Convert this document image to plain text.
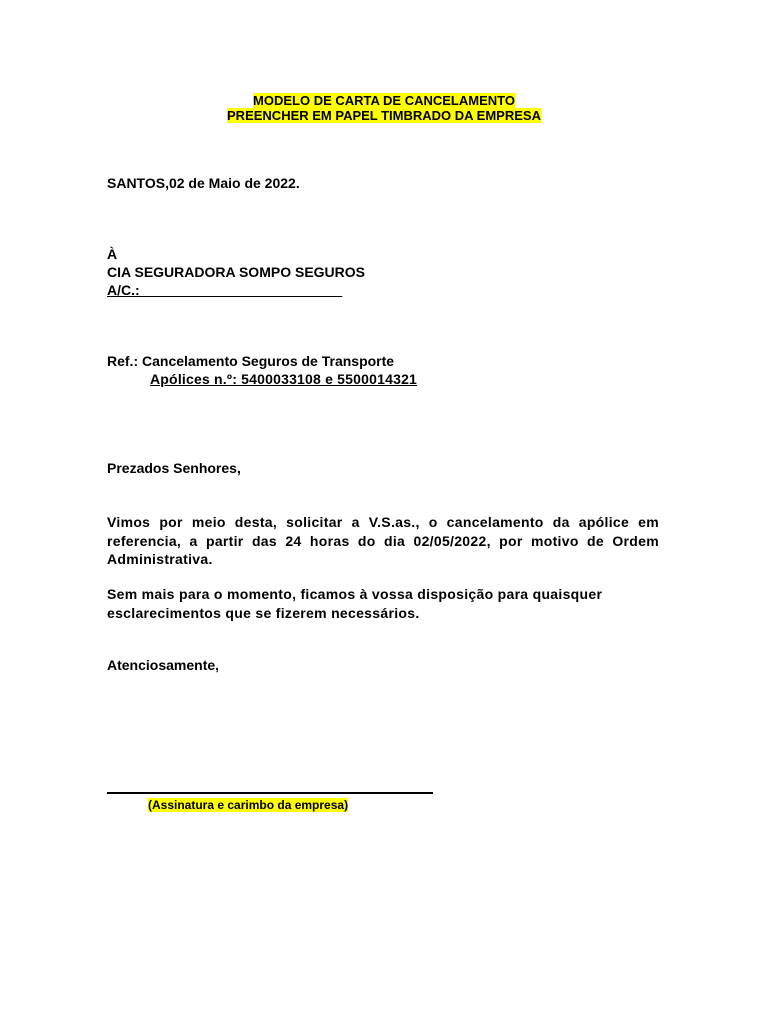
MODELO DE CARTA DE CANCELAMENTO
PREENCHER EM PAPEL TIMBRADO DA EMPRESA
SANTOS,02 de Maio de 2022.
À
CIA SEGURADORA SOMPO SEGUROS
A/C.:__________________________
Ref.: Cancelamento Seguros de Transporte
Apólices n.º: 5400033108 e 5500014321
Prezados Senhores,
Vimos por meio desta, solicitar a V.S.as., o cancelamento da apólice em referencia, a partir das 24 horas do dia 02/05/2022, por motivo de Ordem Administrativa.
Sem mais para o momento, ficamos à vossa disposição para quaisquer esclarecimentos que se fizerem necessários.
Atenciosamente,
(Assinatura e carimbo da empresa)
